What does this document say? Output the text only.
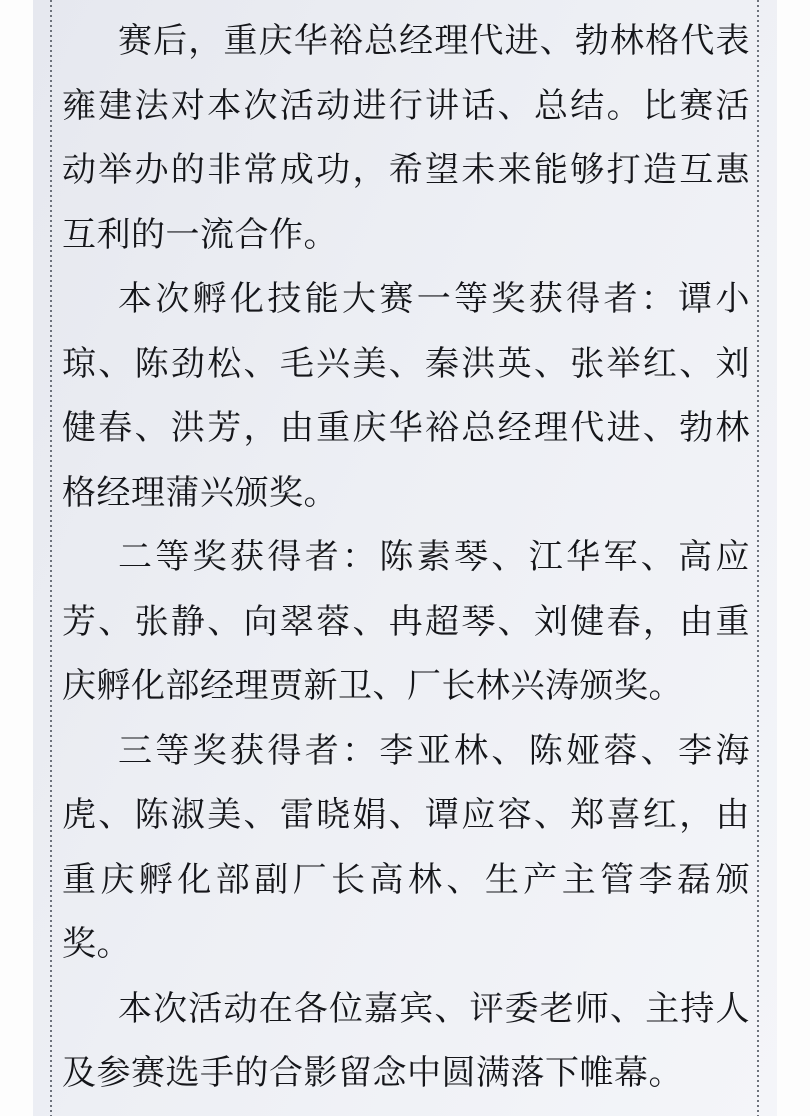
赛后，重庆华裕总经理代进、勃林格代表雍建法对本次活动进行讲话、总结。比赛活动举办的非常成功，希望未来能够打造互惠互利的一流合作。

本次孵化技能大赛一等奖获得者：谭小琼、陈劲松、毛兴美、秦洪英、张举红、刘健春、洪芳，由重庆华裕总经理代进、勃林格经理蒲兴颁奖。

二等奖获得者：陈素琴、江华军、高应芳、张静、向翠蓉、冉超琴、刘健春，由重庆孵化部经理贾新卫、厂长林兴涛颁奖。

三等奖获得者：李亚林、陈娅蓉、李海虎、陈淑美、雷晓娟、谭应容、郑喜红，由重庆孵化部副厂长高林、生产主管李磊颁奖。

本次活动在各位嘉宾、评委老师、主持人及参赛选手的合影留念中圆满落下帷幕。
